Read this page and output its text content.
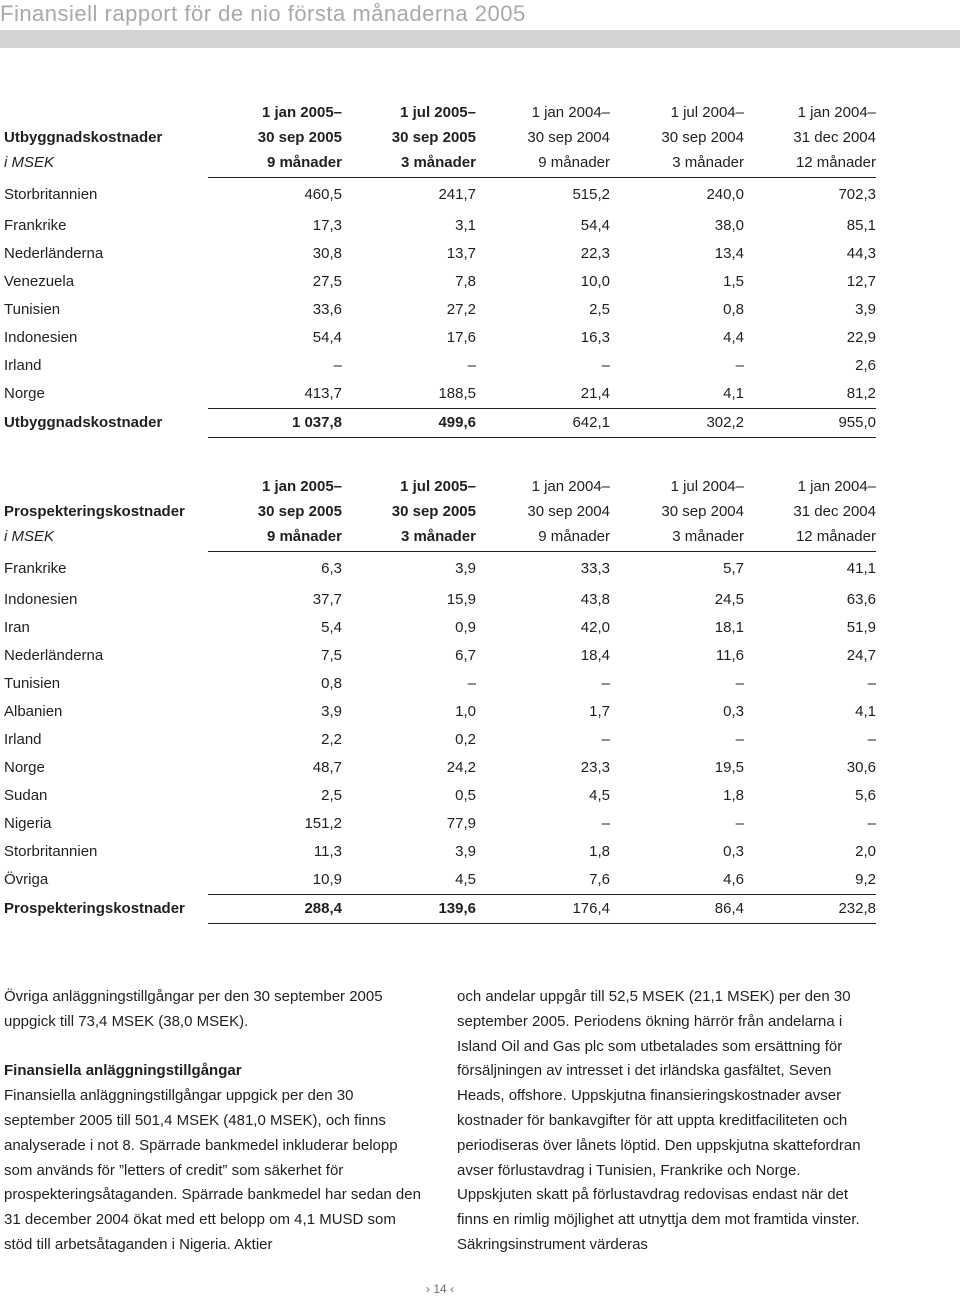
Finansiell rapport för de nio första månaderna 2005
	1 jan 2005–	1 jul 2005–	1 jan 2004–	1 jul 2004–	1 jan 2004–
Utbyggnadskostnader	30 sep 2005	30 sep 2005	30 sep 2004	30 sep 2004	31 dec 2004
i MSEK	9 månader	3 månader	9 månader	3 månader	12 månader
Storbritannien	460,5	241,7	515,2	240,0	702,3
Frankrike	17,3	3,1	54,4	38,0	85,1
Nederländerna	30,8	13,7	22,3	13,4	44,3
Venezuela	27,5	7,8	10,0	1,5	12,7
Tunisien	33,6	27,2	2,5	0,8	3,9
Indonesien	54,4	17,6	16,3	4,4	22,9
Irland	–	–	–	–	2,6
Norge	413,7	188,5	21,4	4,1	81,2
Utbyggnadskostnader	1 037,8	499,6	642,1	302,2	955,0
	1 jan 2005–	1 jul 2005–	1 jan 2004–	1 jul 2004–	1 jan 2004–
Prospekteringskostnader	30 sep 2005	30 sep 2005	30 sep 2004	30 sep 2004	31 dec 2004
i MSEK	9 månader	3 månader	9 månader	3 månader	12 månader
Frankrike	6,3	3,9	33,3	5,7	41,1
Indonesien	37,7	15,9	43,8	24,5	63,6
Iran	5,4	0,9	42,0	18,1	51,9
Nederländerna	7,5	6,7	18,4	11,6	24,7
Tunisien	0,8	–	–	–	–
Albanien	3,9	1,0	1,7	0,3	4,1
Irland	2,2	0,2	–	–	–
Norge	48,7	24,2	23,3	19,5	30,6
Sudan	2,5	0,5	4,5	1,8	5,6
Nigeria	151,2	77,9	–	–	–
Storbritannien	11,3	3,9	1,8	0,3	2,0
Övriga	10,9	4,5	7,6	4,6	9,2
Prospekteringskostnader	288,4	139,6	176,4	86,4	232,8

Övriga anläggningstillgångar per den 30 september 2005 uppgick till 73,4 MSEK (38,0 MSEK).

Finansiella anläggningstillgångar

Finansiella anläggningstillgångar uppgick per den 30 september 2005 till 501,4 MSEK (481,0 MSEK), och finns analyserade i not 8. Spärrade bankmedel inkluderar belopp som används för ”letters of credit” som säkerhet för prospekteringsåtaganden. Spärrade bankmedel har sedan den 31 december 2004 ökat med ett belopp om 4,1 MUSD som stöd till arbetsåtaganden i Nigeria. Aktier

och andelar uppgår till 52,5 MSEK (21,1 MSEK) per den 30 september 2005. Periodens ökning härrör från andelarna i Island Oil and Gas plc som utbetalades som ersättning för försäljningen av intresset i det irländska gasfältet, Seven Heads, offshore. Uppskjutna finansieringskostnader avser kostnader för bankavgifter för att uppta kreditfaciliteten och periodiseras över lånets löptid. Den uppskjutna skattefordran avser förlustavdrag i Tunisien, Frankrike och Norge. Uppskjuten skatt på förlustavdrag redovisas endast när det finns en rimlig möjlighet att utnyttja dem mot framtida vinster. Säkringsinstrument värderas

› 14 ‹
